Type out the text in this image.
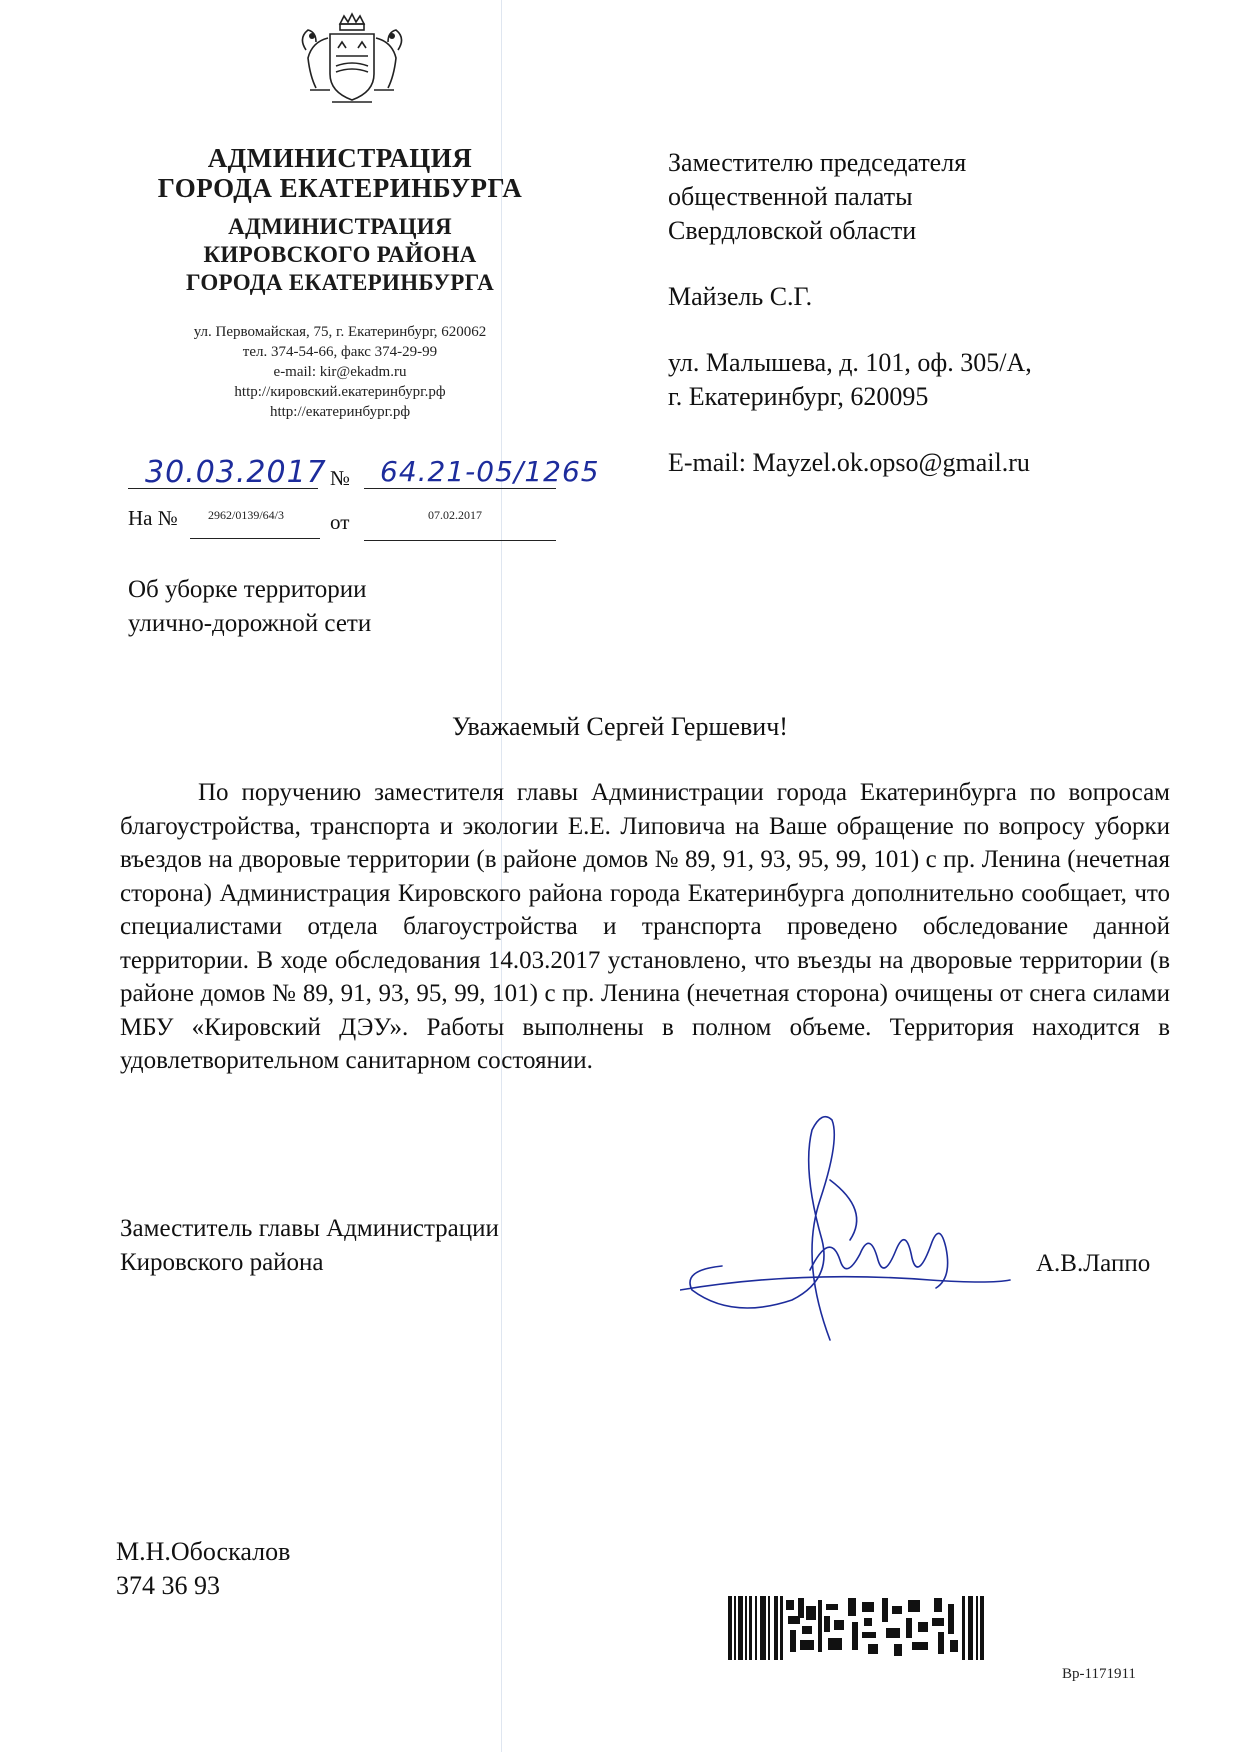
АДМИНИСТРАЦИЯ
ГОРОДА ЕКАТЕРИНБУРГА
АДМИНИСТРАЦИЯ
КИРОВСКОГО РАЙОНА
ГОРОДА ЕКАТЕРИНБУРГА
ул. Первомайская, 75, г. Екатеринбург, 620062
тел. 374-54-66, факс 374-29-99
e-mail: kir@ekadm.ru
http://кировский.екатеринбург.рф
http://екатеринбург.рф
30.03.2017 № 64.21-05/1265
На №	2962/0139/64/3 от	07.02.2017
Об уборке территории
улично-дорожной сети
Заместителю председателя
общественной палаты
Свердловской области
Майзель С.Г.
ул. Малышева, д. 101, оф. 305/А,
г. Екатеринбург, 620095
E-mail: Mayzel.ok.opso@gmail.ru
Уважаемый Сергей Гершевич!

По поручению заместителя главы Администрации города Екатеринбурга по вопросам благоустройства, транспорта и экологии Е.Е. Липовича на Ваше обращение по вопросу уборки въездов на дворовые территории (в районе домов № 89, 91, 93, 95, 99, 101) с пр. Ленина (нечетная сторона) Администрация Кировского района города Екатеринбурга дополнительно сообщает, что специалистами отдела благоустройства и транспорта проведено обследование данной территории. В ходе обследования 14.03.2017 установлено, что въезды на дворовые территории (в районе домов № 89, 91, 93, 95, 99, 101) с пр. Ленина (нечетная сторона) очищены от снега силами МБУ «Кировский ДЭУ». Работы выполнены в полном объеме. Территория находится в удовлетворительном санитарном состоянии.

Заместитель главы Администрации
Кировского района	А.В.Лаппо
М.Н.Обоскалов
374 36 93
Вр-1171911
